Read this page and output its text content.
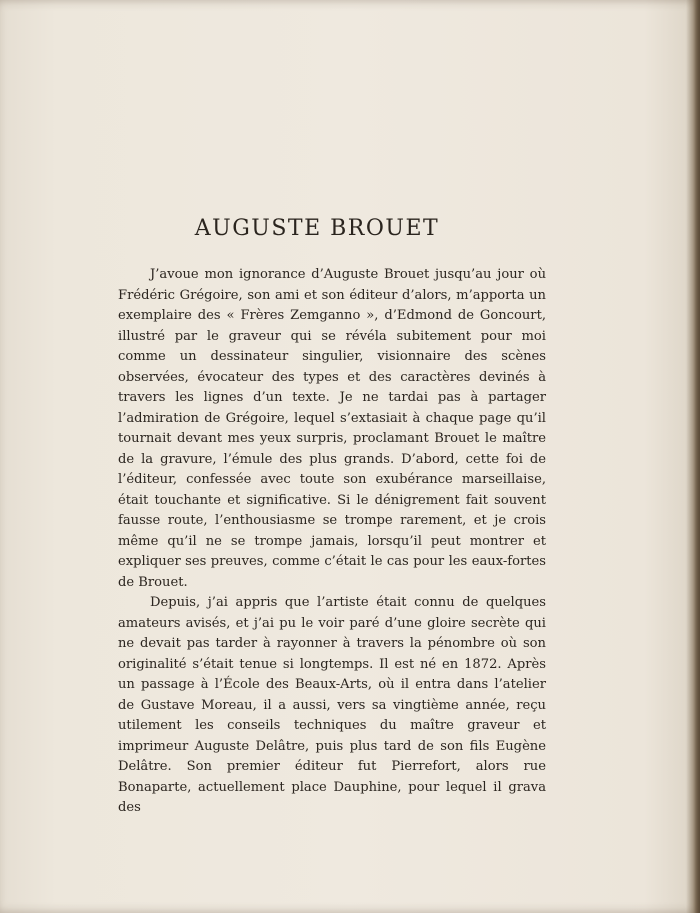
AUGUSTE BROUET

J’avoue mon ignorance d’Auguste Brouet jusqu’au jour où Frédéric Grégoire, son ami et son éditeur d’alors, m’apporta un exemplaire des « Frères Zemganno », d’Edmond de Goncourt, illustré par le graveur qui se révéla subitement pour moi comme un dessinateur singulier, visionnaire des scènes observées, évocateur des types et des caractères devinés à travers les lignes d’un texte. Je ne tardai pas à partager l’admiration de Grégoire, lequel s’extasiait à chaque page qu’il tournait devant mes yeux surpris, proclamant Brouet le maître de la gravure, l’émule des plus grands. D’abord, cette foi de l’éditeur, confessée avec toute son exubérance marseillaise, était touchante et significative. Si le dénigrement fait souvent fausse route, l’enthousiasme se trompe rarement, et je crois même qu’il ne se trompe jamais, lorsqu’il peut montrer et expliquer ses preuves, comme c’était le cas pour les eaux-fortes de Brouet.

Depuis, j’ai appris que l’artiste était connu de quelques amateurs avisés, et j’ai pu le voir paré d’une gloire secrète qui ne devait pas tarder à rayonner à travers la pénombre où son originalité s’était tenue si longtemps. Il est né en 1872. Après un passage à l’École des Beaux-Arts, où il entra dans l’atelier de Gustave Moreau, il a aussi, vers sa vingtième année, reçu utilement les conseils techniques du maître graveur et imprimeur Auguste Delâtre, puis plus tard de son fils Eugène Delâtre. Son premier éditeur fut Pierrefort, alors rue Bonaparte, actuellement place Dauphine, pour lequel il grava des
